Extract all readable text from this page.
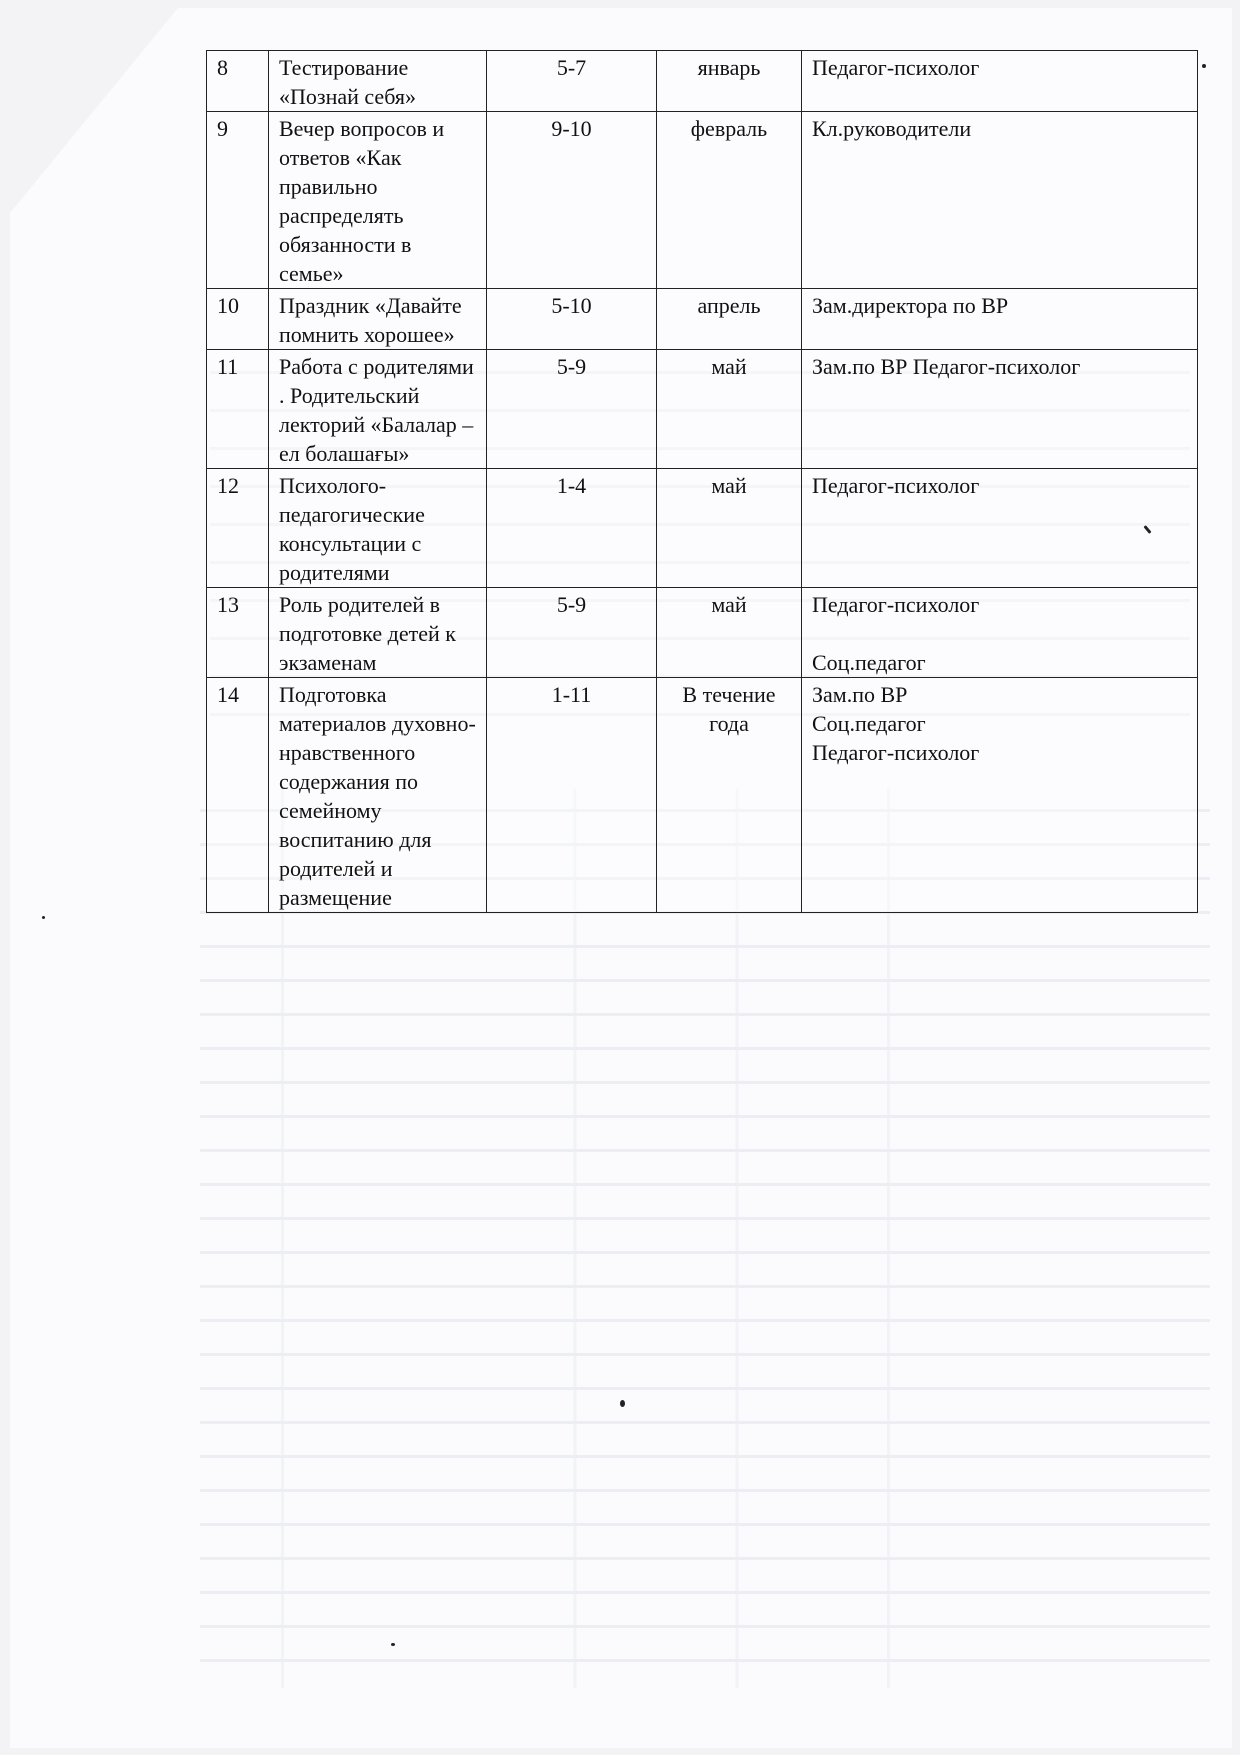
8	Тестирование «Познай себя»	5-7	январь	Педагог-психолог

9	Вечер вопросов и ответов «Как правильно распределять обязанности в семье»	9-10	февраль	Кл.руководители

10	Праздник «Давайте помнить хорошее»	5-10	апрель	Зам.директора по ВР

11	Работа с родителями . Родительский лекторий «Балалар – ел болашағы»	5-9	май	Зам.по ВР Педагог-психолог

12	Психолого-педагогические консультации с родителями	1-4	май	Педагог-психолог

13	Роль родителей в подготовке детей к экзаменам	5-9	май	Педагог-психолог
Соц.педагог

14	Подготовка материалов духовно- нравственного содержания по семейному воспитанию для родителей и размещение	1-11	В течение года	Зам.по ВР
Соц.педагог
Педагог-психолог
